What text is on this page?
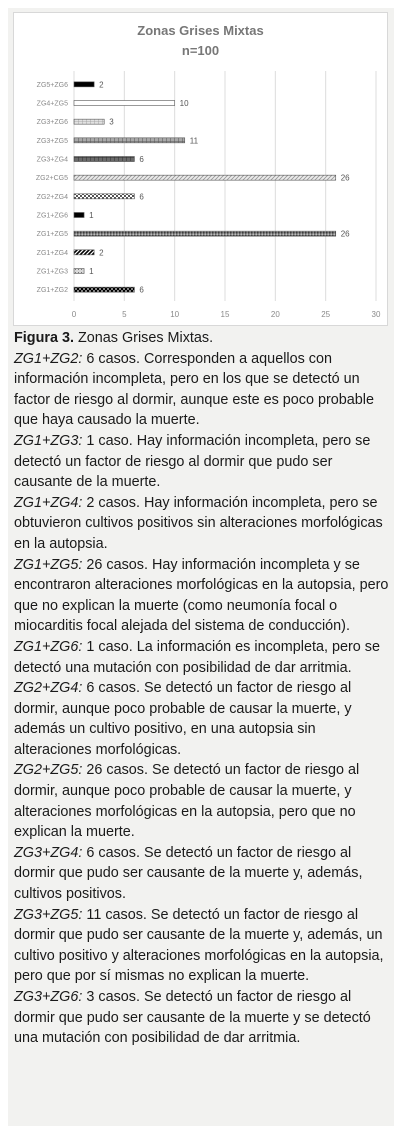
Zonas Grises Mixtas
n=100
0	5	10	15	20	25	30
ZG1+ZG2	6
ZG1+ZG3	1
ZG1+ZG4	2
ZG1+ZG5	26
ZG1+ZG6	1
ZG2+ZG4	6
ZG2+CG5	26
ZG3+ZG4	6
ZG3+ZG5	11
ZG3+ZG6	3
ZG4+ZG5	10
ZG5+ZG6	2

Figura 3. Zonas Grises Mixtas.

ZG1+ZG2: 6 casos. Corresponden a aquellos con información incompleta, pero en los que se detectó un factor de riesgo al dormir, aunque este es poco probable que haya causado la muerte.

ZG1+ZG3: 1 caso. Hay información incompleta, pero se detectó un factor de riesgo al dormir que pudo ser causante de la muerte.

ZG1+ZG4: 2 casos. Hay información incompleta, pero se obtuvieron cultivos positivos sin alteraciones morfológicas en la autopsia.

ZG1+ZG5: 26 casos. Hay información incompleta y se encontraron alteraciones morfológicas en la autopsia, pero que no explican la muerte (como neumonía focal o miocarditis focal alejada del sistema de conducción).

ZG1+ZG6: 1 caso. La información es incompleta, pero se detectó una mutación con posibilidad de dar arritmia.

ZG2+ZG4: 6 casos. Se detectó un factor de riesgo al dormir, aunque poco probable de causar la muerte, y además un cultivo positivo, en una autopsia sin alteraciones morfológicas.

ZG2+ZG5: 26 casos. Se detectó un factor de riesgo al dormir, aunque poco probable de causar la muerte, y alteraciones morfológicas en la autopsia, pero que no explican la muerte.

ZG3+ZG4: 6 casos. Se detectó un factor de riesgo al dormir que pudo ser causante de la muerte y, además, cultivos positivos.

ZG3+ZG5: 11 casos. Se detectó un factor de riesgo al dormir que pudo ser causante de la muerte y, además, un cultivo positivo y alteraciones morfológicas en la autopsia, pero que por sí mismas no explican la muerte.

ZG3+ZG6: 3 casos. Se detectó un factor de riesgo al dormir que pudo ser causante de la muerte y se detectó una mutación con posibilidad de dar arritmia.
